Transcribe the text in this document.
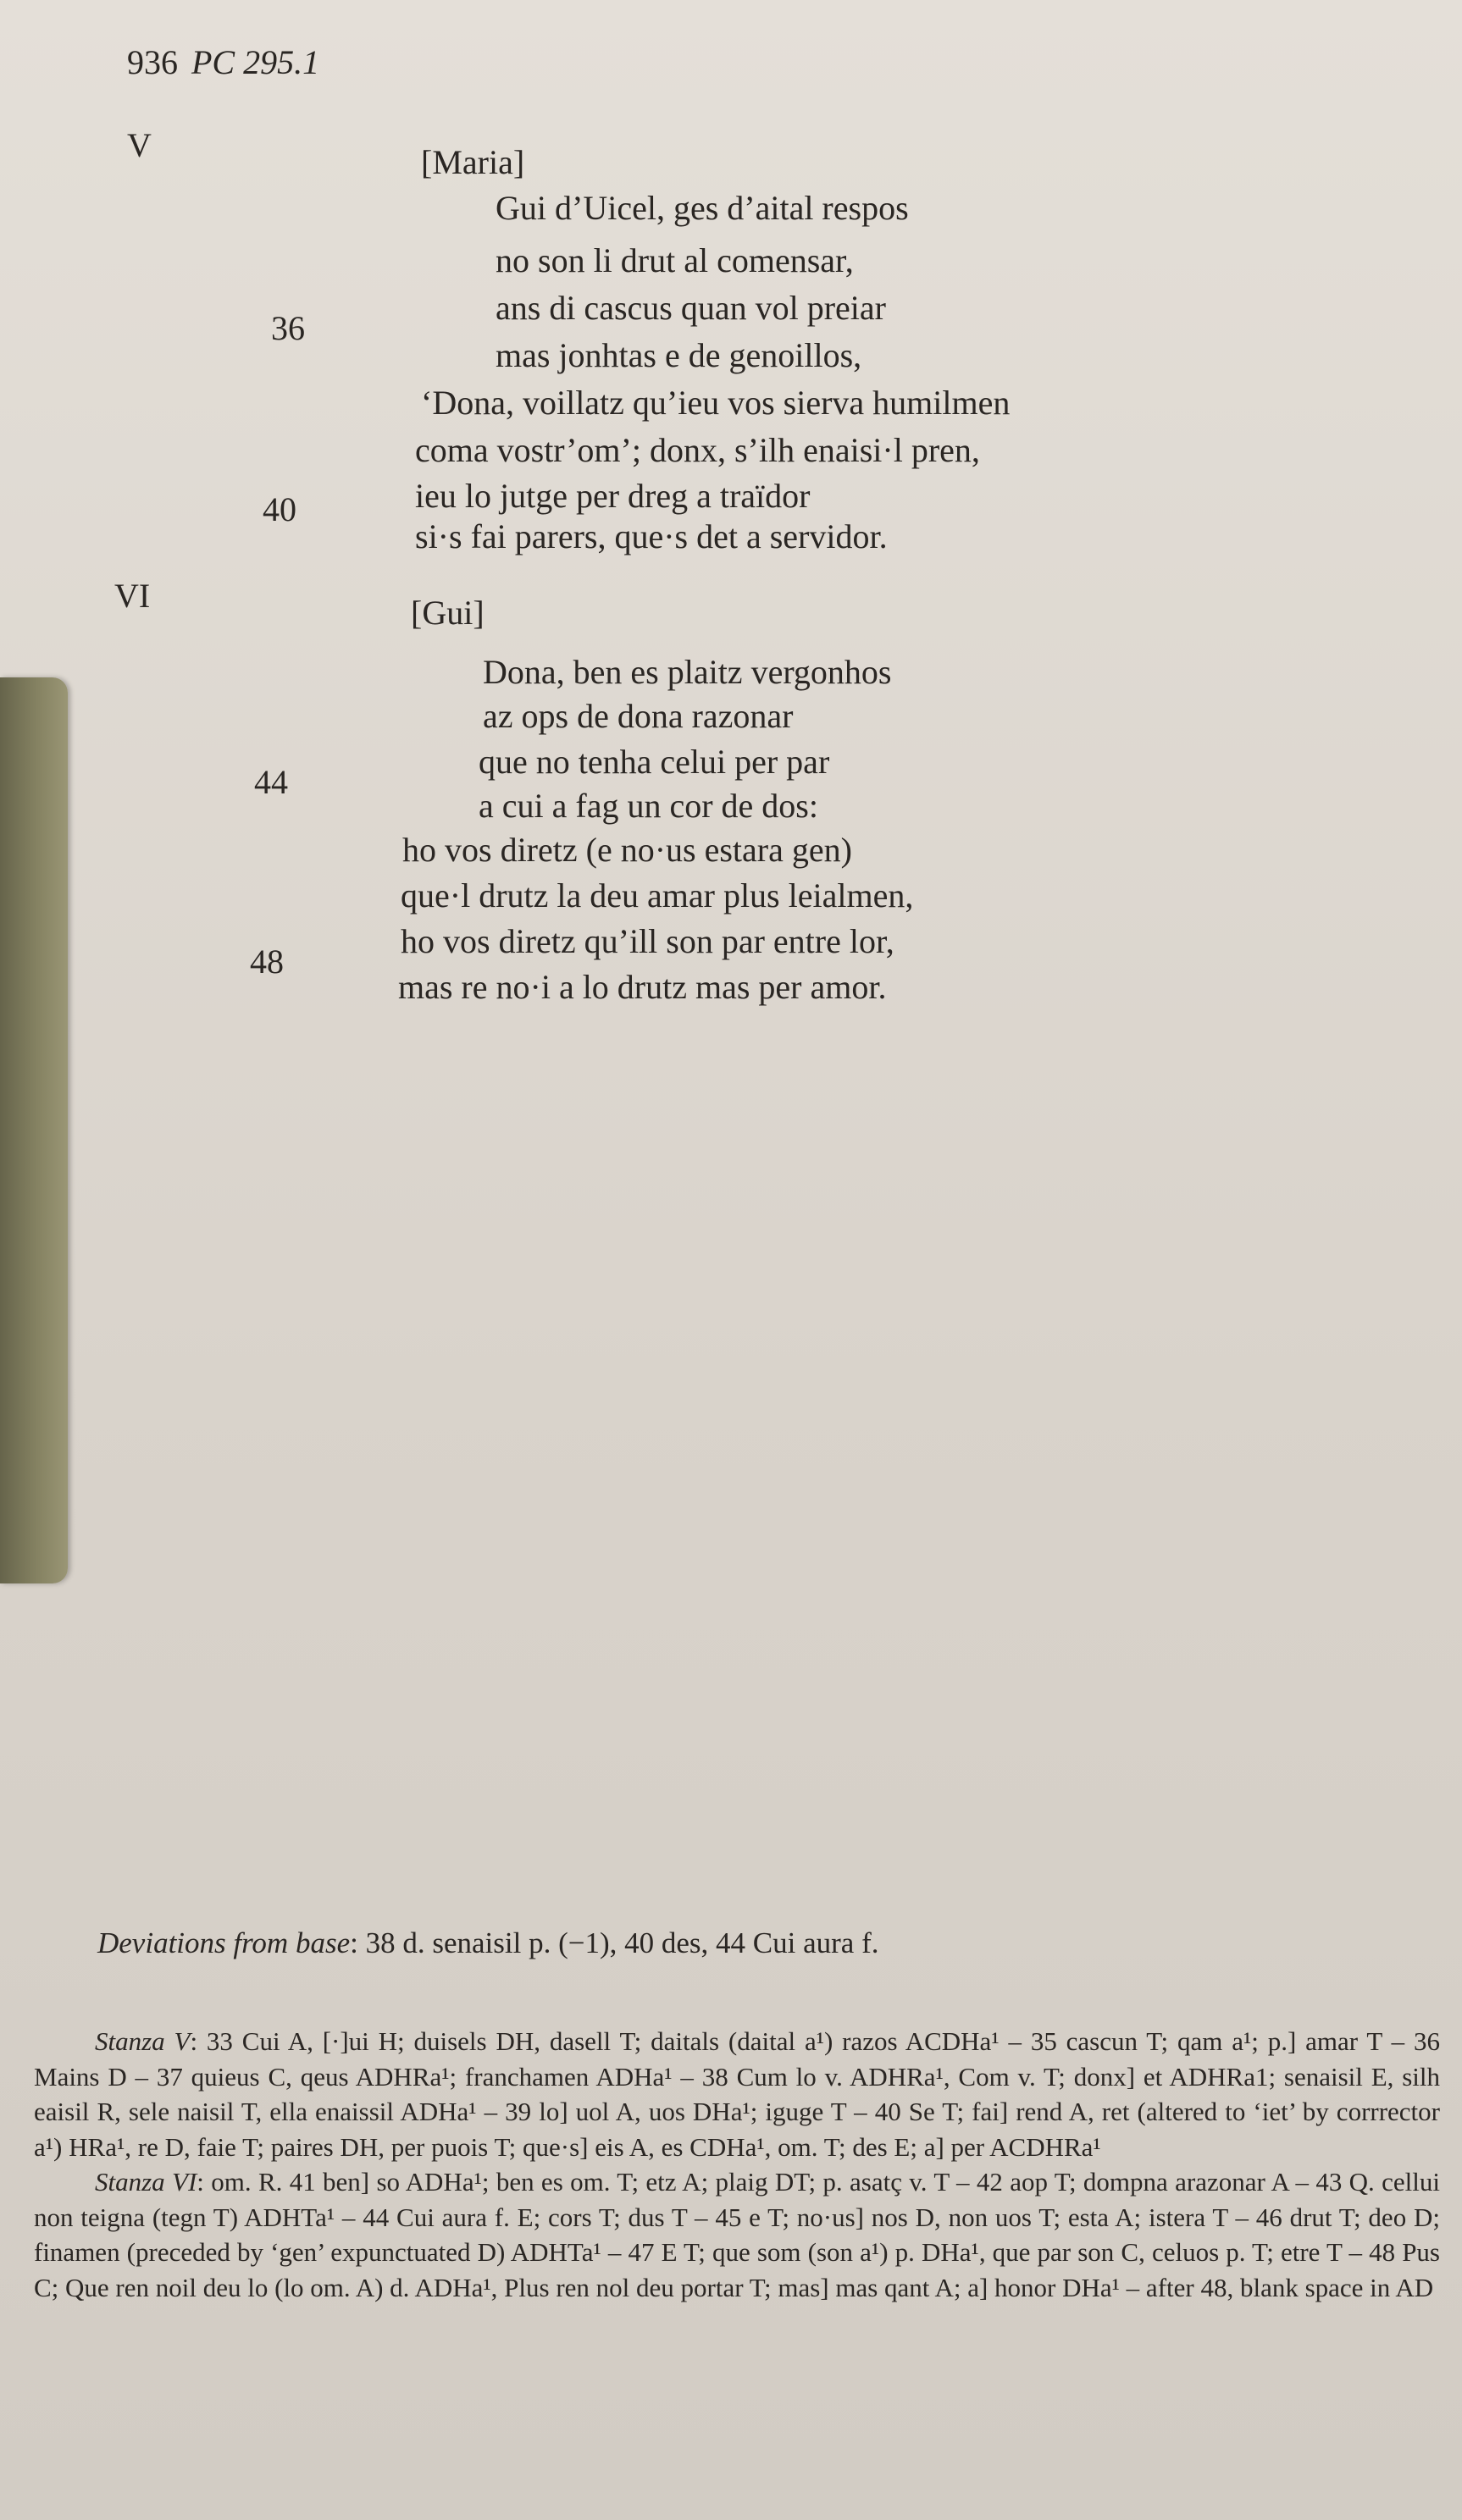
936 PC 295.1
V	[Maria]
Gui d’Uicel, ges d’aital respos
no son li drut al comensar,
ans di cascus quan vol preiar
36
mas jonhtas e de genoillos,
‘Dona, voillatz qu’ieu vos sierva humilmen
coma vostr’om’; donx, s’ilh enaisi·l pren,
ieu lo jutge per dreg a traïdor
40
si·s fai parers, que·s det a servidor.
VI	[Gui]
Dona, ben es plaitz vergonhos
az ops de dona razonar
que no tenha celui per par
44
a cui a fag un cor de dos:
ho vos diretz (e no·us estara gen)
que·l drutz la deu amar plus leialmen,
ho vos diretz qu’ill son par entre lor,
48
mas re no·i a lo drutz mas per amor.
Deviations from base: 38 d. senaisil p. (−1), 40 des, 44 Cui aura f.

Stanza V: 33 Cui A, [·]ui H; duisels DH, dasell T; daitals (daital a¹) razos ACDHa¹ – 35 cascun T; qam a¹; p.] amar T – 36 Mains D – 37 quieus C, qeus ADHRa¹; franchamen ADHa¹ – 38 Cum lo v. ADHRa¹, Com v. T; donx] et ADHRa1; senaisil E, silh eaisil R, sele naisil T, ella enaissil ADHa¹ – 39 lo] uol A, uos DHa¹; iguge T – 40 Se T; fai] rend A, ret (altered to ‘iet’ by corrrector a¹) HRa¹, re D, faie T; paires DH, per puois T; que·s] eis A, es CDHa¹, om. T; des E; a] per ACDHRa¹

Stanza VI: om. R. 41 ben] so ADHa¹; ben es om. T; etz A; plaig DT; p. asatç v. T – 42 aop T; dompna arazonar A – 43 Q. cellui non teigna (tegn T) ADHTa¹ – 44 Cui aura f. E; cors T; dus T – 45 e T; no·us] nos D, non uos T; esta A; istera T – 46 drut T; deo D; finamen (preceded by ‘gen’ expunctuated D) ADHTa¹ – 47 E T; que som (son a¹) p. DHa¹, que par son C, celuos p. T; etre T – 48 Pus C; Que ren noil deu lo (lo om. A) d. ADHa¹, Plus ren nol deu portar T; mas] mas qant A; a] honor DHa¹ – after 48, blank space in AD
